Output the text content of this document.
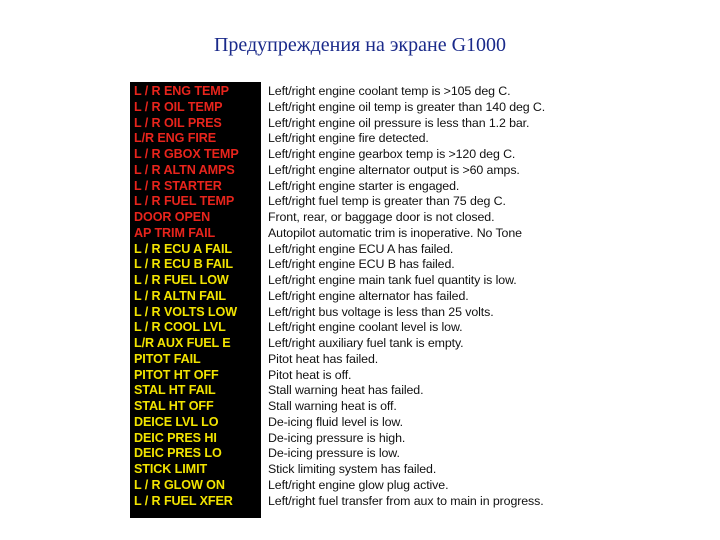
Предупреждения на экране G1000
L / R ENG TEMP	Left/right engine coolant temp is >105 deg C.
L / R OIL TEMP	Left/right engine oil temp is greater than 140 deg C.
L / R OIL PRES	Left/right engine oil pressure is less than 1.2 bar.
L/R ENG FIRE	Left/right engine fire detected.
L / R GBOX TEMP	Left/right engine gearbox temp is >120 deg C.
L / R ALTN AMPS	Left/right engine alternator output is >60 amps.
L / R STARTER	Left/right engine starter is engaged.
L / R FUEL TEMP	Left/right fuel temp is greater than 75 deg C.
DOOR OPEN	Front, rear, or baggage door is not closed.
AP TRIM FAIL	Autopilot automatic trim is inoperative. No Tone
L / R ECU A FAIL	Left/right engine ECU A has failed.
L / R ECU B FAIL	Left/right engine ECU B has failed.
L / R FUEL LOW	Left/right engine main tank fuel quantity is low.
L / R ALTN FAIL	Left/right engine alternator has failed.
L / R VOLTS LOW	Left/right bus voltage is less than 25 volts.
L / R COOL LVL	Left/right engine coolant level is low.
L/R AUX FUEL E	Left/right auxiliary fuel tank is empty.
PITOT FAIL	Pitot heat has failed.
PITOT HT OFF	Pitot heat is off.
STAL HT FAIL	Stall warning heat has failed.
STAL HT OFF	Stall warning heat is off.
DEICE LVL LO	De-icing fluid level is low.
DEIC PRES HI	De-icing pressure is high.
DEIC PRES LO	De-icing pressure is low.
STICK LIMIT	Stick limiting system has failed.
L / R GLOW ON	Left/right engine glow plug active.
L / R FUEL XFER	Left/right fuel transfer from aux to main in progress.
